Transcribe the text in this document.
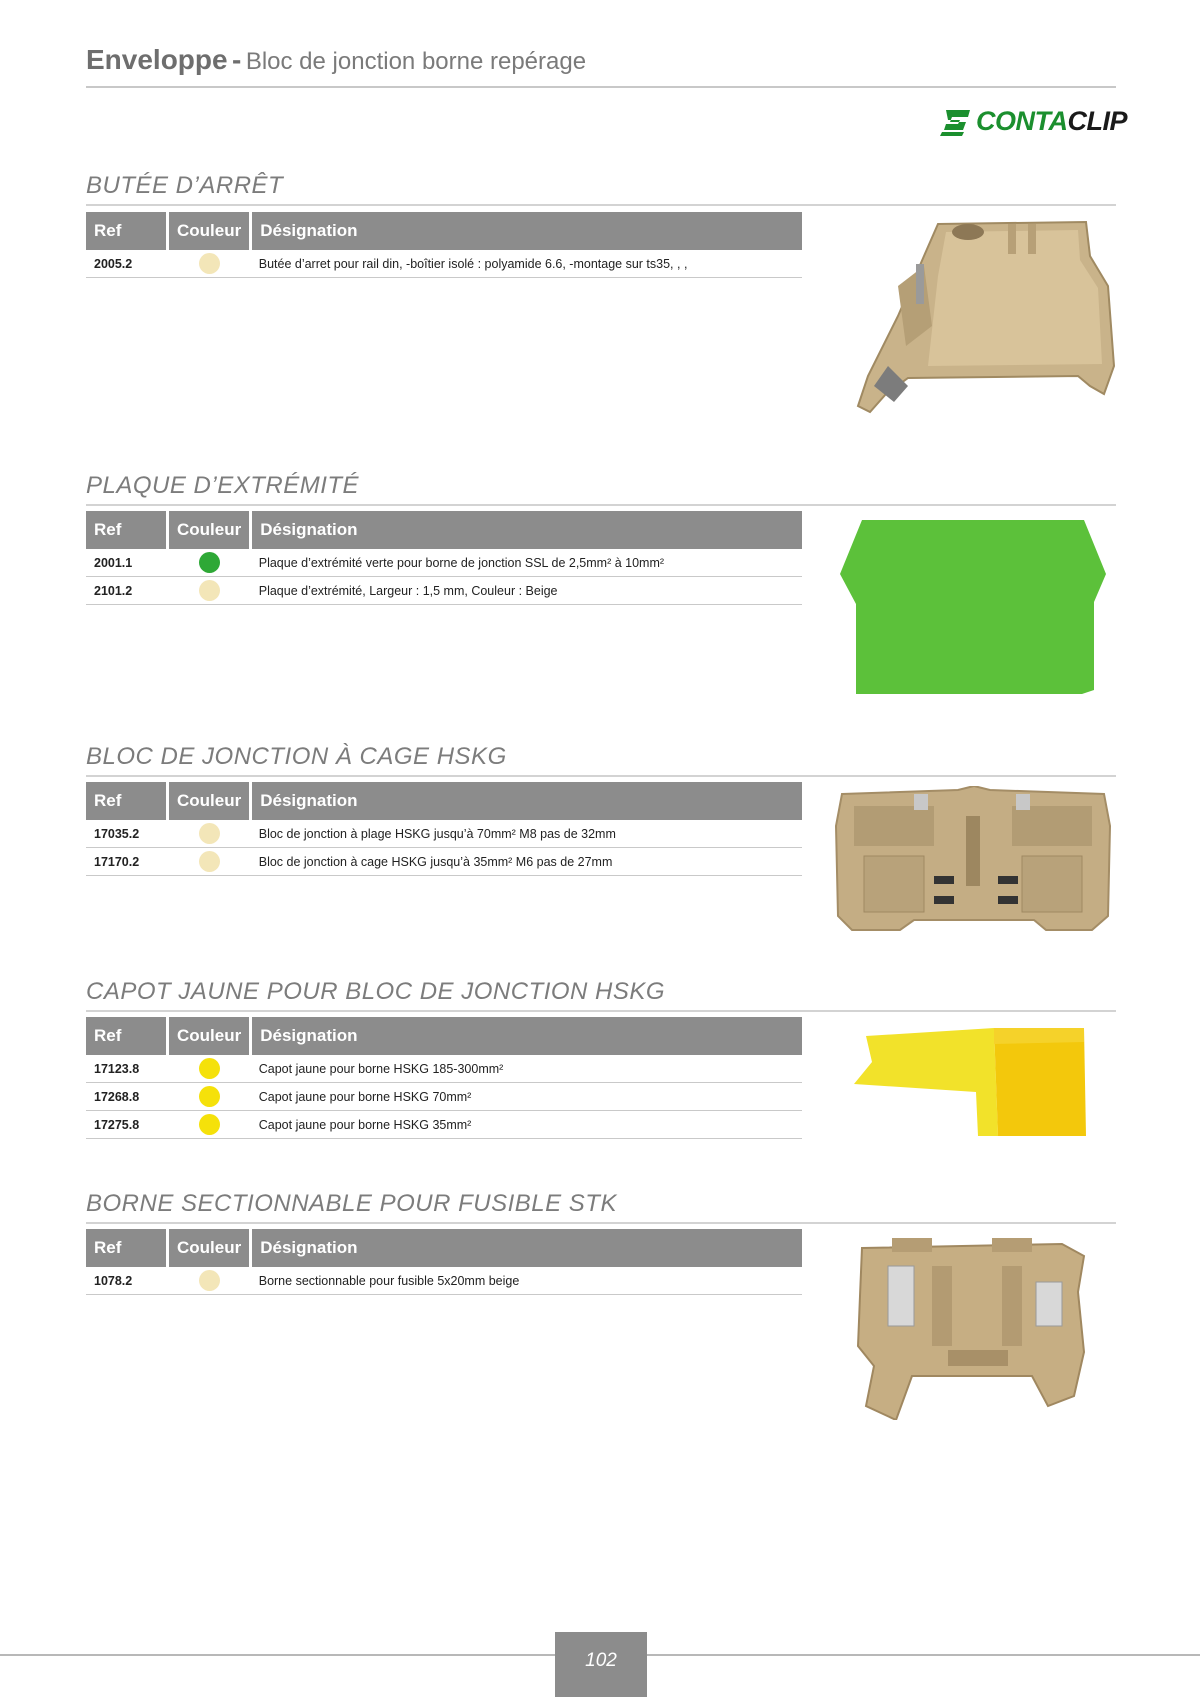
Enveloppe - Bloc de jonction borne repérage
CONTACLIP
BUTÉE D’ARRÊT
Ref	Couleur	Désignation
2005.2		Butée d’arret pour rail din, -boîtier isolé : polyamide 6.6, -montage sur ts35, , ,
PLAQUE D’EXTRÉMITÉ
Ref	Couleur	Désignation
2001.1		Plaque d’extrémité verte pour borne de jonction SSL de 2,5mm² à 10mm²
2101.2		Plaque d’extrémité, Largeur : 1,5 mm, Couleur : Beige
BLOC DE JONCTION À CAGE HSKG
Ref	Couleur	Désignation
17035.2		Bloc de jonction à plage HSKG jusqu’à 70mm² M8 pas de 32mm
17170.2		Bloc de jonction à cage HSKG jusqu’à 35mm² M6 pas de 27mm
CAPOT JAUNE POUR BLOC DE JONCTION HSKG
Ref	Couleur	Désignation
17123.8		Capot jaune pour borne HSKG 185-300mm²
17268.8		Capot jaune pour borne HSKG 70mm²
17275.8		Capot jaune pour borne HSKG 35mm²
BORNE SECTIONNABLE POUR FUSIBLE STK
Ref	Couleur	Désignation
1078.2		Borne sectionnable pour fusible 5x20mm beige
102
